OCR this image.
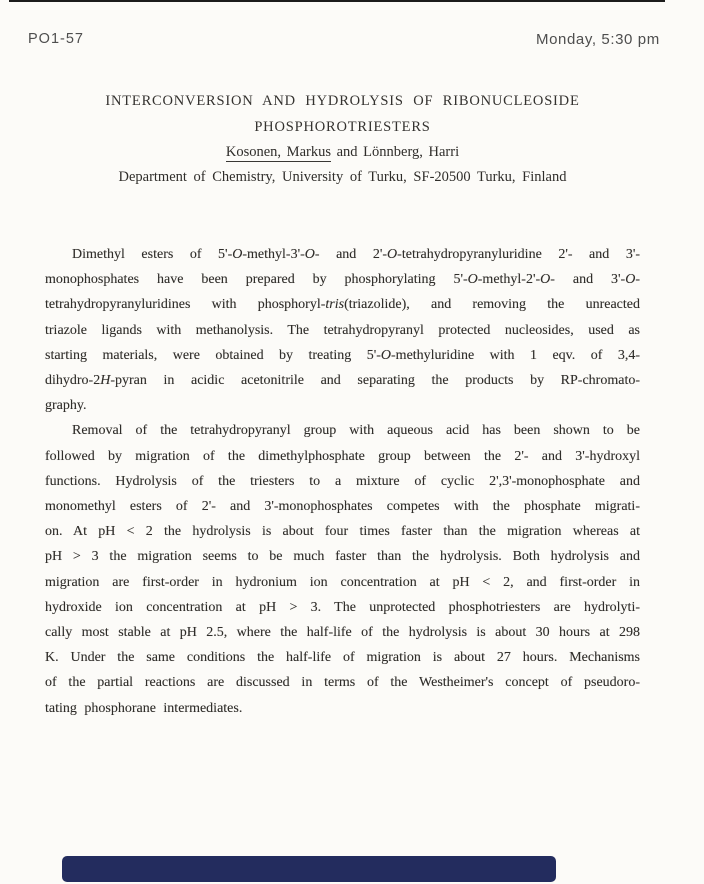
PO1-57	Monday, 5:30 pm
INTERCONVERSION AND HYDROLYSIS OF RIBONUCLEOSIDE
PHOSPHOROTRIESTERS
Kosonen, Markus and Lönnberg, Harri
Department of Chemistry, University of Turku, SF-20500 Turku, Finland
Dimethyl esters of 5'-O-methyl-3'-O- and 2'-O-tetrahydropyranyluridine 2'- and 3'-
monophosphates have been prepared by phosphorylating 5'-O-methyl-2'-O- and 3'-O-
tetrahydropyranyluridines with phosphoryl-tris(triazolide), and removing the unreacted
triazole ligands with methanolysis. The tetrahydropyranyl protected nucleosides, used as
starting materials, were obtained by treating 5'-O-methyluridine with 1 eqv. of 3,4-
dihydro-2H-pyran in acidic acetonitrile and separating the products by RP-chromato-
graphy.
Removal of the tetrahydropyranyl group with aqueous acid has been shown to be
followed by migration of the dimethylphosphate group between the 2'- and 3'-hydroxyl
functions. Hydrolysis of the triesters to a mixture of cyclic 2',3'-monophosphate and
monomethyl esters of 2'- and 3'-monophosphates competes with the phosphate migrati-
on. At pH < 2 the hydrolysis is about four times faster than the migration whereas at
pH > 3 the migration seems to be much faster than the hydrolysis. Both hydrolysis and
migration are first-order in hydronium ion concentration at pH < 2, and first-order in
hydroxide ion concentration at pH > 3. The unprotected phosphotriesters are hydrolyti-
cally most stable at pH 2.5, where the half-life of the hydrolysis is about 30 hours at 298
K. Under the same conditions the half-life of migration is about 27 hours. Mechanisms
of the partial reactions are discussed in terms of the Westheimer's concept of pseudoro-
tating phosphorane intermediates.
